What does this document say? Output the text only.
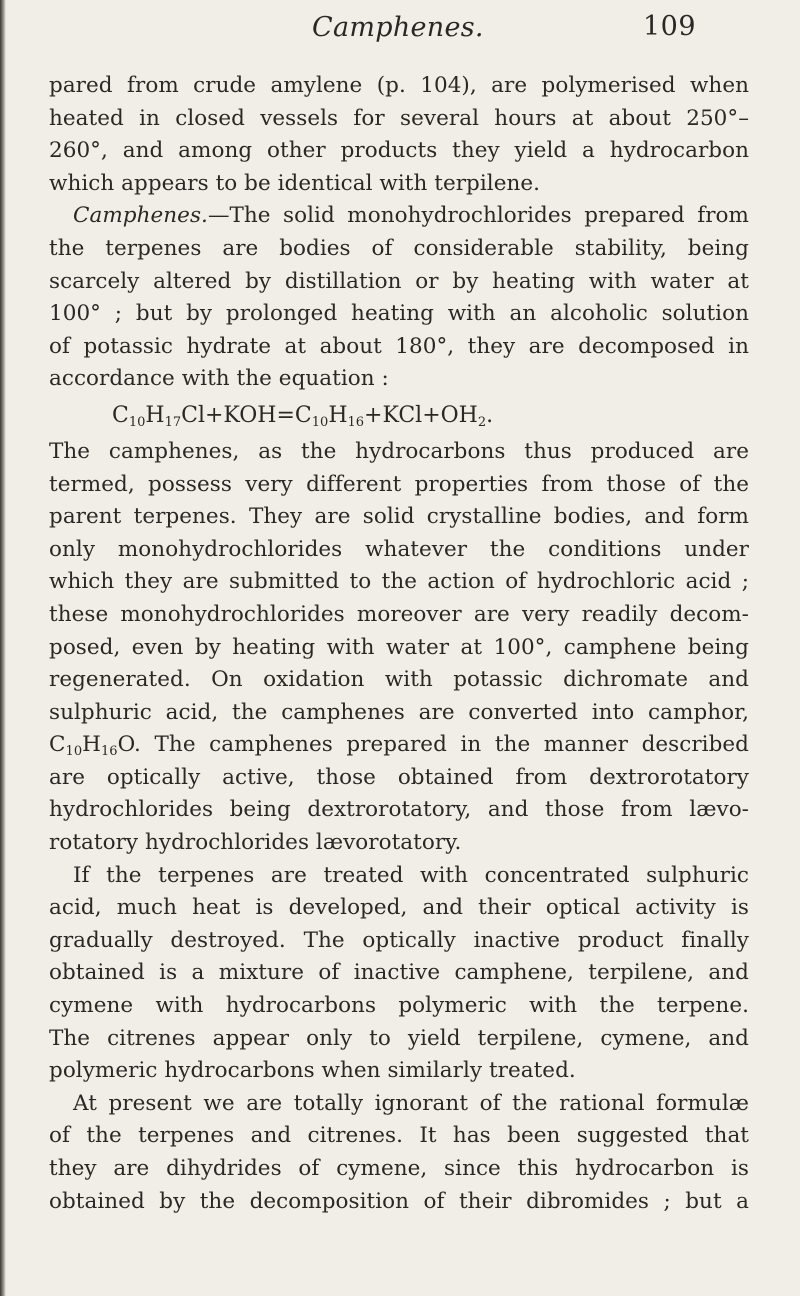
Camphenes.	109
pared from crude amylene (p. 104), are polymerised when
heated in closed vessels for several hours at about 250°–
260°, and among other products they yield a hydrocarbon
which appears to be identical with terpilene.
Camphenes.—The solid monohydrochlorides prepared from
the terpenes are bodies of considerable stability, being
scarcely altered by distillation or by heating with water at
100° ; but by prolonged heating with an alcoholic solution
of potassic hydrate at about 180°, they are decomposed in
accordance with the equation :
$C_{10}H_{17}Cl+KOH=C_{10}H_{16}+KCl+OH_2$.
The camphenes, as the hydrocarbons thus produced are
termed, possess very different properties from those of the
parent terpenes. They are solid crystalline bodies, and form
only monohydrochlorides whatever the conditions under
which they are submitted to the action of hydrochloric acid ;
these monohydrochlorides moreover are very readily decom-
posed, even by heating with water at 100°, camphene being
regenerated. On oxidation with potassic dichromate and
sulphuric acid, the camphenes are converted into camphor,
$C_{10}H_{16}O$. The camphenes prepared in the manner described
are optically active, those obtained from dextrorotatory
hydrochlorides being dextrorotatory, and those from lævo-
rotatory hydrochlorides lævorotatory.
If the terpenes are treated with concentrated sulphuric
acid, much heat is developed, and their optical activity is
gradually destroyed. The optically inactive product finally
obtained is a mixture of inactive camphene, terpilene, and
cymene with hydrocarbons polymeric with the terpene.
The citrenes appear only to yield terpilene, cymene, and
polymeric hydrocarbons when similarly treated.
At present we are totally ignorant of the rational formulæ
of the terpenes and citrenes. It has been suggested that
they are dihydrides of cymene, since this hydrocarbon is
obtained by the decomposition of their dibromides ; but a
